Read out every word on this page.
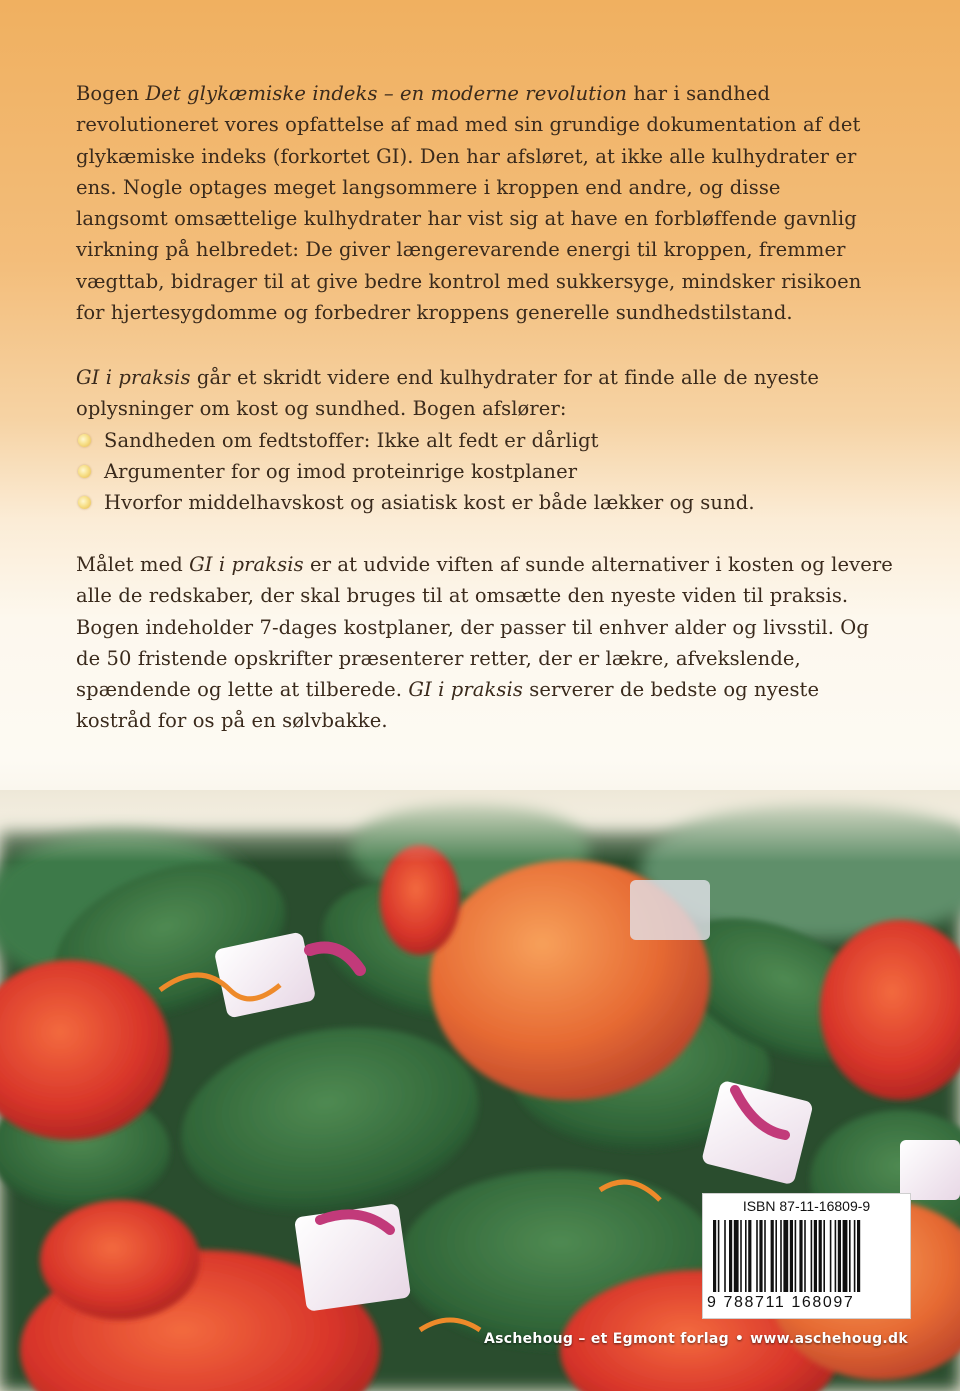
Bogen Det glykæmiske indeks – en moderne revolution har i sandhed revolutioneret vores opfattelse af mad med sin grundige dokumentation af det glykæmiske indeks (forkortet GI). Den har afsløret, at ikke alle kulhydrater er ens. Nogle optages meget langsommere i kroppen end andre, og disse langsomt omsættelige kulhydrater har vist sig at have en forbløffende gavnlig virkning på helbredet: De giver længerevarende energi til kroppen, fremmer vægttab, bidrager til at give bedre kontrol med sukkersyge, mindsker risikoen for hjertesygdomme og forbedrer kroppens generelle sundhedstilstand.

GI i praksis går et skridt videre end kulhydrater for at finde alle de nyeste oplysninger om kost og sundhed. Bogen afslører:

Sandheden om fedtstoffer: Ikke alt fedt er dårligt
Argumenter for og imod proteinrige kostplaner
Hvorfor middelhavskost og asiatisk kost er både lækker og sund.

Målet med GI i praksis er at udvide viften af sunde alternativer i kosten og levere alle de redskaber, der skal bruges til at omsætte den nyeste viden til praksis. Bogen indeholder 7-dages kostplaner, der passer til enhver alder og livsstil. Og de 50 fristende opskrifter præsenterer retter, der er lækre, afvekslende, spændende og lette at tilberede. GI i praksis serverer de bedste og nyeste kostråd for os på en sølvbakke.

ISBN 87-11-16809-9
9 788711 168097
Aschehoug – et Egmont forlag • www.aschehoug.dk
